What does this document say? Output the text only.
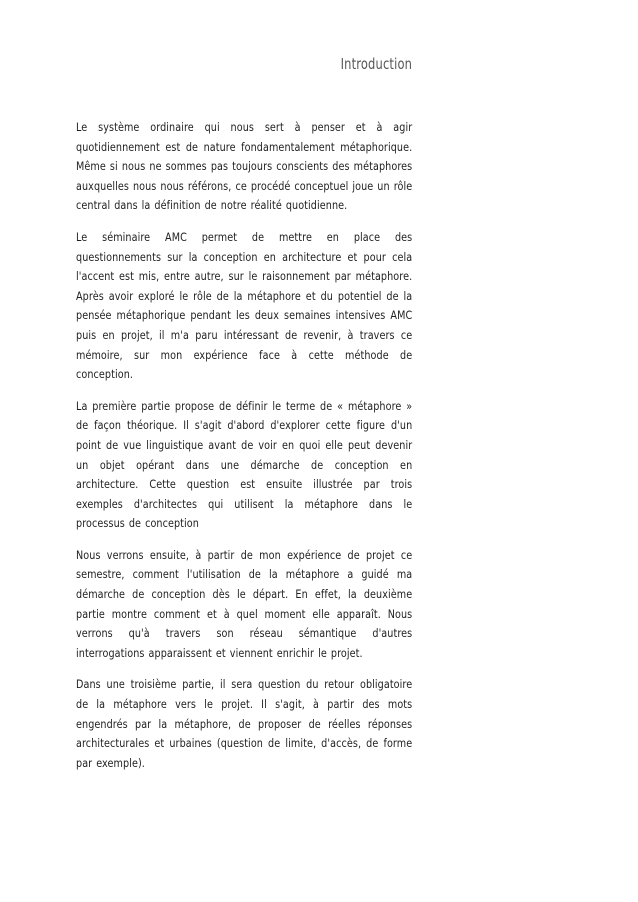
Introduction

Le système ordinaire qui nous sert à penser et à agir quotidiennement est de nature fondamentalement métaphorique. Même si nous ne sommes pas toujours conscients des métaphores auxquelles nous nous référons, ce procédé conceptuel joue un rôle central dans la définition de notre réalité quotidienne.

Le séminaire AMC permet de mettre en place des questionnements sur la conception en architecture et pour cela l'accent est mis, entre autre, sur le raisonnement par métaphore. Après avoir exploré le rôle de la métaphore et du potentiel de la pensée métaphorique pendant les deux semaines intensives AMC puis en projet, il m'a paru intéressant de revenir, à travers ce mémoire, sur mon expérience face à cette méthode de conception.

La première partie propose de définir le terme de « métaphore » de façon théorique. Il s'agit d'abord d'explorer cette figure d'un point de vue linguistique avant de voir en quoi elle peut devenir un objet opérant dans une démarche de conception en architecture. Cette question est ensuite illustrée par trois exemples d'architectes qui utilisent la métaphore dans le processus de conception

Nous verrons ensuite, à partir de mon expérience de projet ce semestre, comment l'utilisation de la métaphore a guidé ma démarche de conception dès le départ. En effet, la deuxième partie montre comment et à quel moment elle apparaît. Nous verrons qu'à travers son réseau sémantique d'autres interrogations apparaissent et viennent enrichir le projet.

Dans une troisième partie, il sera question du retour obligatoire de la métaphore vers le projet. Il s'agit, à partir des mots engendrés par la métaphore, de proposer de réelles réponses architecturales et urbaines (question de limite, d'accès, de forme par exemple).
